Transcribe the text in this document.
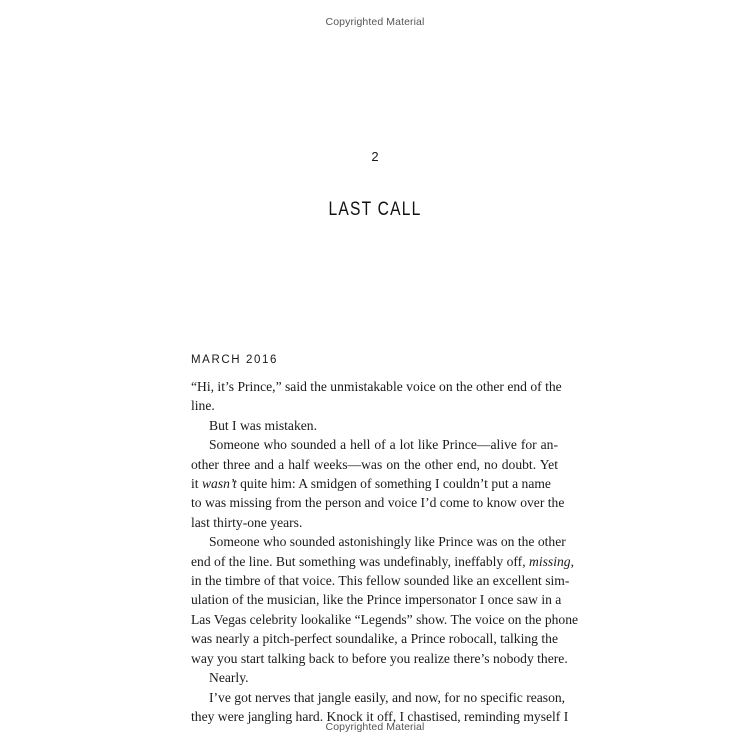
Copyrighted Material
2
LAST CALL
MARCH 2016
“Hi, it’s Prince,” said the unmistakable voice on the other end of the
line.
But I was mistaken.
Someone who sounded a hell of a lot like Prince—alive for an-
other three and a half weeks—was on the other end, no doubt. Yet
it wasn’t quite him: A smidgen of something I couldn’t put a name
to was missing from the person and voice I’d come to know over the
last thirty-one years.
Someone who sounded astonishingly like Prince was on the other
end of the line. But something was undefinably, ineffably off, missing,
in the timbre of that voice. This fellow sounded like an excellent sim-
ulation of the musician, like the Prince impersonator I once saw in a
Las Vegas celebrity lookalike “Legends” show. The voice on the phone
was nearly a pitch-perfect soundalike, a Prince robocall, talking the
way you start talking back to before you realize there’s nobody there.
Nearly.
I’ve got nerves that jangle easily, and now, for no specific reason,
they were jangling hard. Knock it off, I chastised, reminding myself I
Copyrighted Material
